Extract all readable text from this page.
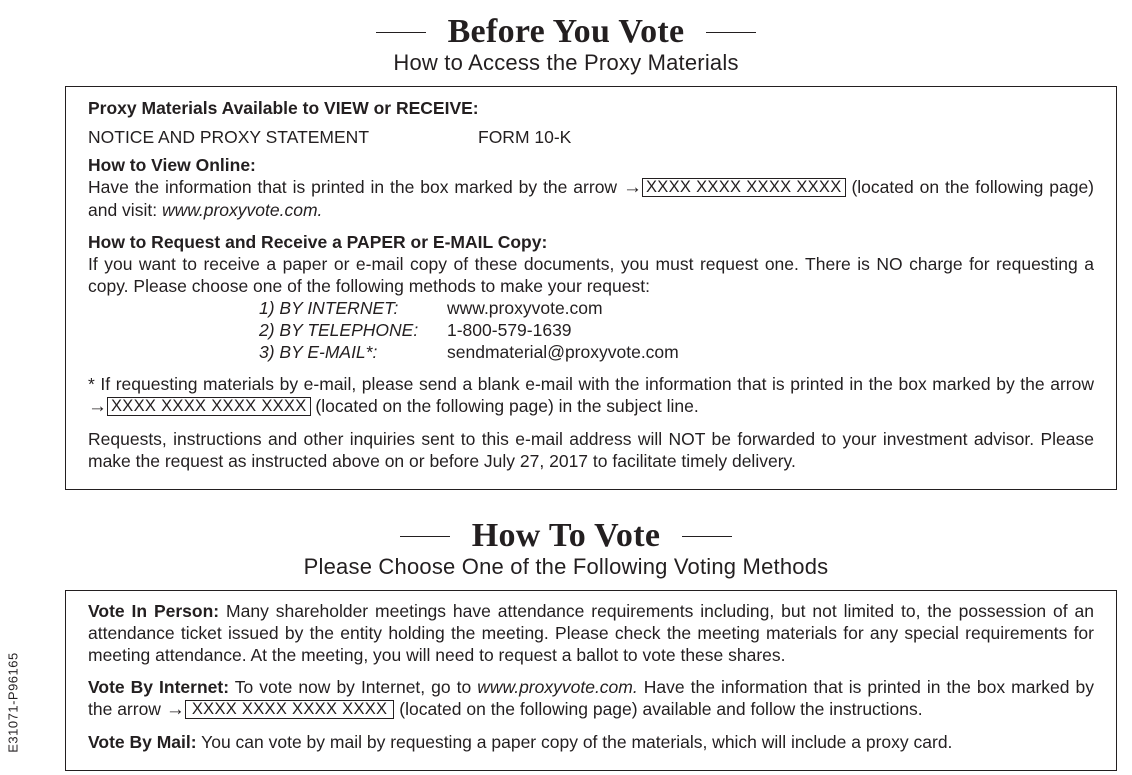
Before You Vote
How to Access the Proxy Materials

Proxy Materials Available to VIEW or RECEIVE:

NOTICE AND PROXY STATEMENT	FORM 10-K

How to View Online:

Have the information that is printed in the box marked by the arrow → XXXX XXXX XXXX XXXX (located on the following page) and visit: www.proxyvote.com.

How to Request and Receive a PAPER or E-MAIL Copy:

If you want to receive a paper or e-mail copy of these documents, you must request one. There is NO charge for requesting a copy. Please choose one of the following methods to make your request:

1) BY INTERNET:	www.proxyvote.com
2) BY TELEPHONE:	1-800-579-1639
3) BY E-MAIL*:	sendmaterial@proxyvote.com

* If requesting materials by e-mail, please send a blank e-mail with the information that is printed in the box marked by the arrow → XXXX XXXX XXXX XXXX (located on the following page) in the subject line.

Requests, instructions and other inquiries sent to this e-mail address will NOT be forwarded to your investment advisor. Please make the request as instructed above on or before July 27, 2017 to facilitate timely delivery.

How To Vote
Please Choose One of the Following Voting Methods

Vote In Person: Many shareholder meetings have attendance requirements including, but not limited to, the possession of an attendance ticket issued by the entity holding the meeting. Please check the meeting materials for any special requirements for meeting attendance. At the meeting, you will need to request a ballot to vote these shares.

Vote By Internet: To vote now by Internet, go to www.proxyvote.com. Have the information that is printed in the box marked by the arrow → XXXX XXXX XXXX XXXX (located on the following page) available and follow the instructions.

Vote By Mail: You can vote by mail by requesting a paper copy of the materials, which will include a proxy card.

E31071-P96165
